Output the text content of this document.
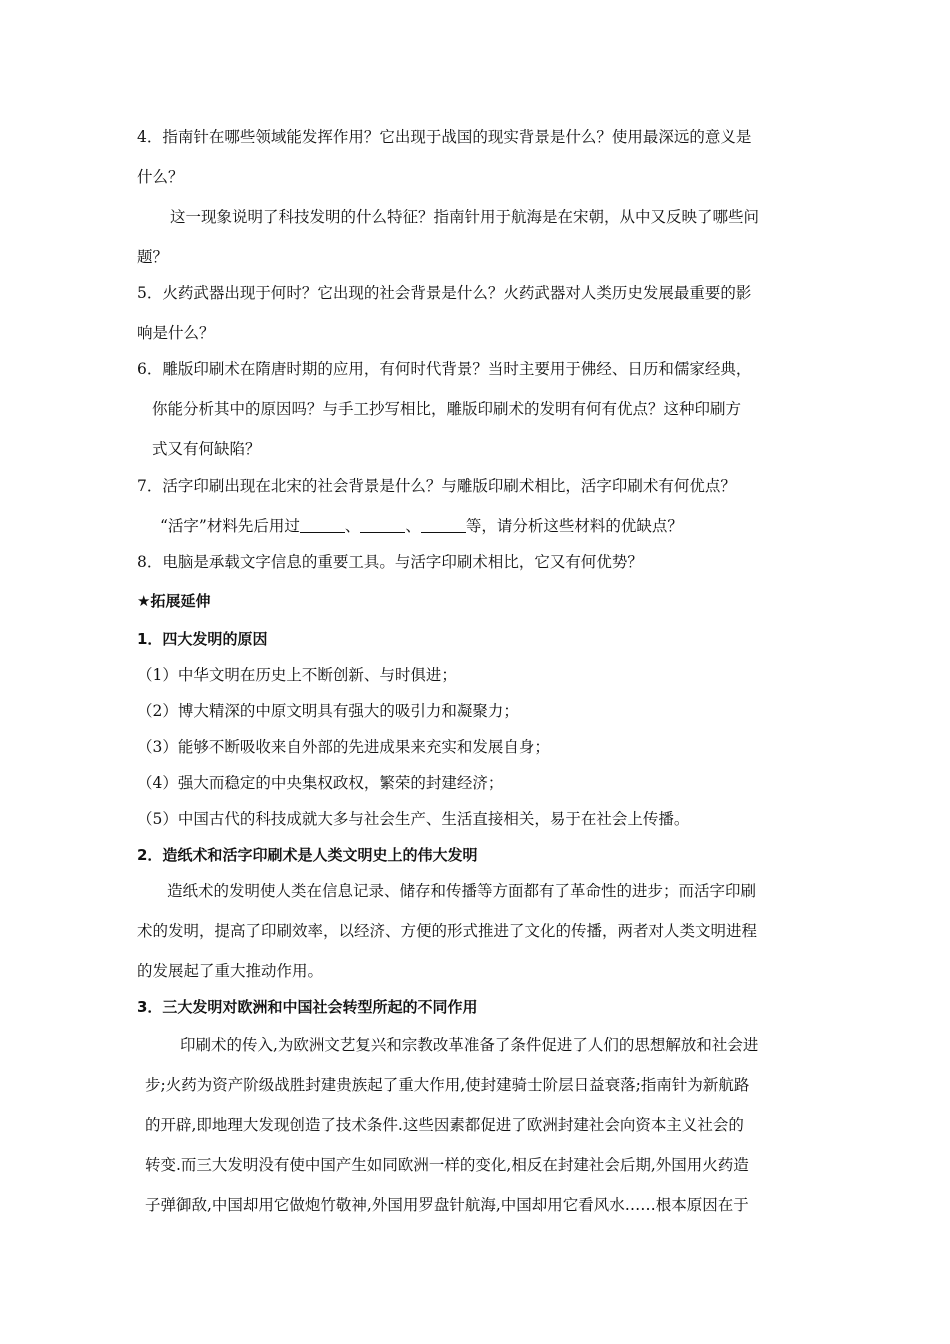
4．指南针在哪些领域能发挥作用？它出现于战国的现实背景是什么？使用最深远的意义是
什么？
这一现象说明了科技发明的什么特征？指南针用于航海是在宋朝，从中又反映了哪些问
题？
5．火药武器出现于何时？它出现的社会背景是什么？火药武器对人类历史发展最重要的影
响是什么？
6．雕版印刷术在隋唐时期的应用，有何时代背景？当时主要用于佛经、日历和儒家经典，
你能分析其中的原因吗？与手工抄写相比，雕版印刷术的发明有何有优点？这种印刷方
式又有何缺陷？
7．活字印刷出现在北宋的社会背景是什么？与雕版印刷术相比，活字印刷术有何优点？
“活字”材料先后用过	、	、	等，请分析这些材料的优缺点？
8．电脑是承载文字信息的重要工具。与活字印刷术相比，它又有何优势？
★拓展延伸
1．四大发明的原因
（1）中华文明在历史上不断创新、与时俱进；
（2）博大精深的中原文明具有强大的吸引力和凝聚力；
（3）能够不断吸收来自外部的先进成果来充实和发展自身；
（4）强大而稳定的中央集权政权，繁荣的封建经济；
（5）中国古代的科技成就大多与社会生产、生活直接相关，易于在社会上传播。
2．造纸术和活字印刷术是人类文明史上的伟大发明
造纸术的发明使人类在信息记录、储存和传播等方面都有了革命性的进步；而活字印刷
术的发明，提高了印刷效率，以经济、方便的形式推进了文化的传播，两者对人类文明进程
的发展起了重大推动作用。
3．三大发明对欧洲和中国社会转型所起的不同作用
印刷术的传入,为欧洲文艺复兴和宗教改革准备了条件促进了人们的思想解放和社会进
步;火药为资产阶级战胜封建贵族起了重大作用,使封建骑士阶层日益衰落;指南针为新航路
的开辟,即地理大发现创造了技术条件.这些因素都促进了欧洲封建社会向资本主义社会的
转变.而三大发明没有使中国产生如同欧洲一样的变化,相反在封建社会后期,外国用火药造
子弹御敌,中国却用它做炮竹敬神,外国用罗盘针航海,中国却用它看风水……根本原因在于
